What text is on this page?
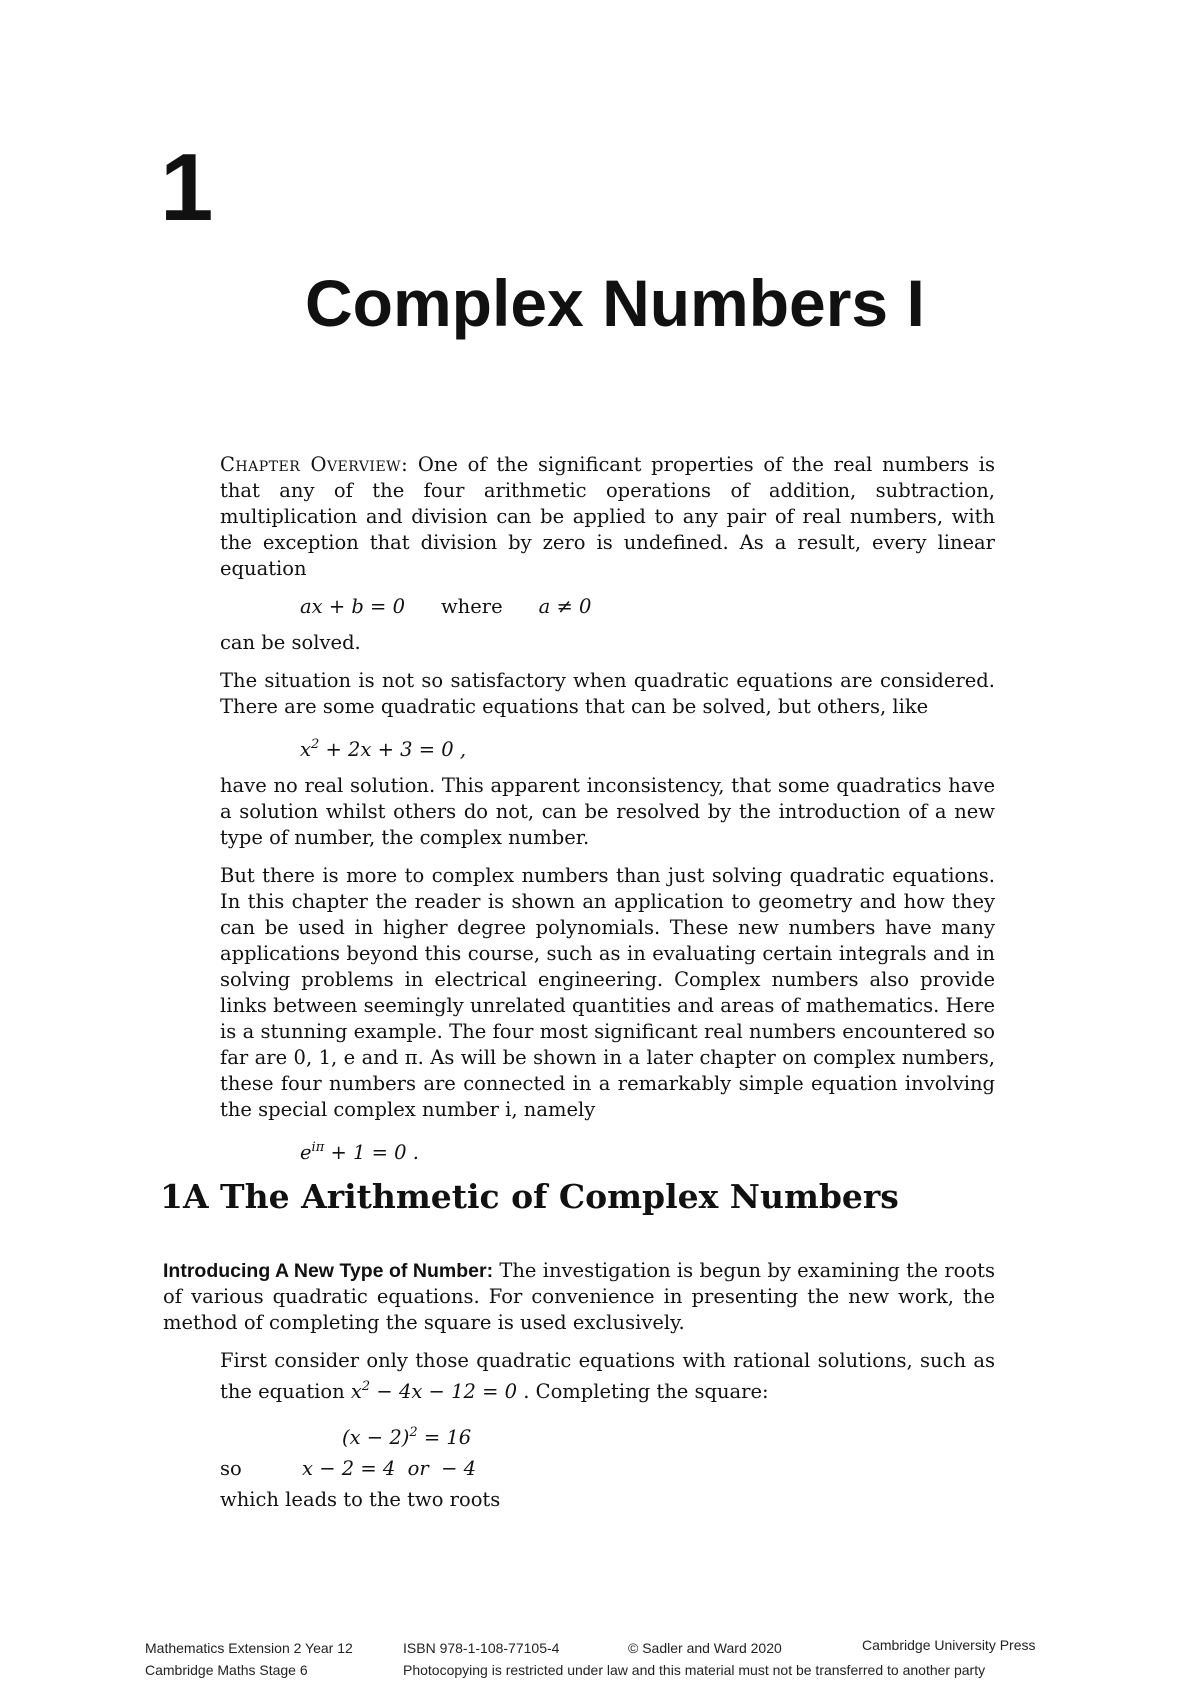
1
Complex Numbers I

Chapter Overview: One of the significant properties of the real numbers is that any of the four arithmetic operations of addition, subtraction, multiplication and division can be applied to any pair of real numbers, with the exception that division by zero is undefined. As a result, every linear equation

ax + b = 0 where a ≠ 0

can be solved.

The situation is not so satisfactory when quadratic equations are considered. There are some quadratic equations that can be solved, but others, like

$x^2 + 2x + 3 = 0$ ,

have no real solution. This apparent inconsistency, that some quadratics have a solution whilst others do not, can be resolved by the introduction of a new type of number, the complex number.

But there is more to complex numbers than just solving quadratic equations. In this chapter the reader is shown an application to geometry and how they can be used in higher degree polynomials. These new numbers have many applications beyond this course, such as in evaluating certain integrals and in solving problems in electrical engineering. Complex numbers also provide links between seemingly unrelated quantities and areas of mathematics. Here is a stunning example. The four most significant real numbers encountered so far are 0, 1, e and π. As will be shown in a later chapter on complex numbers, these four numbers are connected in a remarkably simple equation involving the special complex number i, namely

$e^{i\pi} + 1 = 0$ .
1A The Arithmetic of Complex Numbers

Introducing A New Type of Number: The investigation is begun by examining the roots of various quadratic equations. For convenience in presenting the new work, the method of completing the square is used exclusively.

First consider only those quadratic equations with rational solutions, such as the equation $x^2 - 4x - 12 = 0$ . Completing the square:

$(x - 2)^2 = 16$
so	x − 2 = 4  or  − 4
which leads to the two roots
Mathematics Extension 2 Year 12	ISBN 978-1-108-77105-4	© Sadler and Ward 2020	Cambridge University Press
Cambridge Maths Stage 6	Photocopying is restricted under law and this material must not be transferred to another party
